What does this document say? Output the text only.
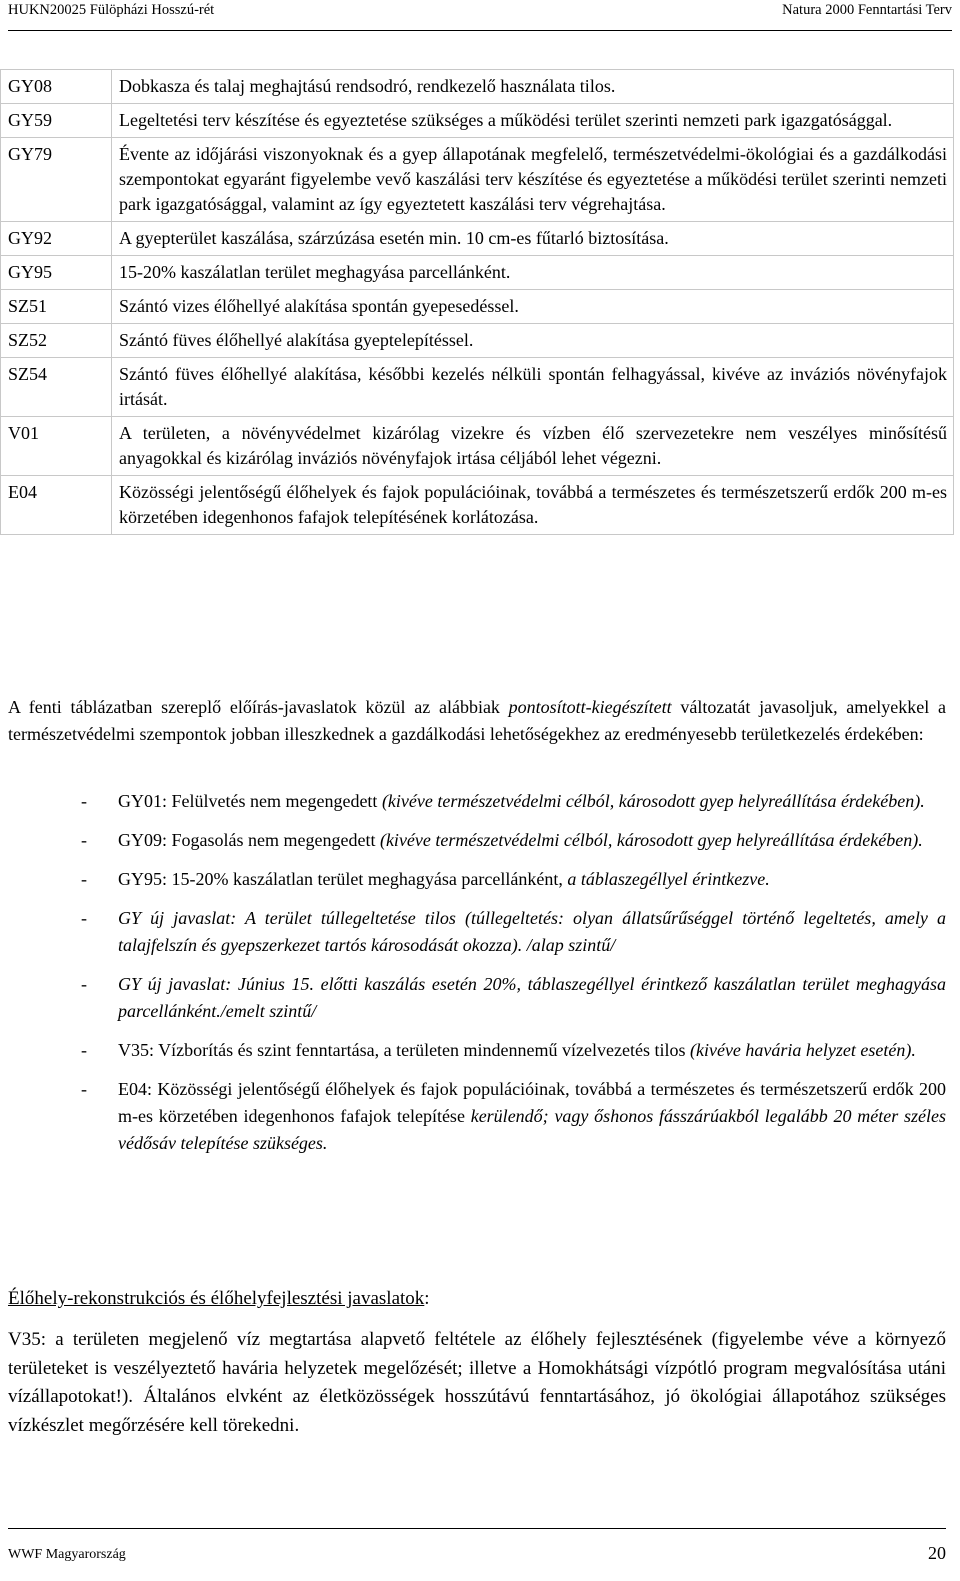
HUKN20025 Fülöpházi Hosszú-rét	Natura 2000 Fenntartási Terv
GY08	Dobkasza és talaj meghajtású rendsodró, rendkezelő használata tilos.
GY59	Legeltetési terv készítése és egyeztetése szükséges a működési terület szerinti nemzeti park igazgatósággal.
GY79	Évente az időjárási viszonyoknak és a gyep állapotának megfelelő, természetvédelmi-ökológiai és a gazdálkodási szempontokat egyaránt figyelembe vevő kaszálási terv készítése és egyeztetése a működési terület szerinti nemzeti park igazgatósággal, valamint az így egyeztetett kaszálási terv végrehajtása.
GY92	A gyepterület kaszálása, szárzúzása esetén min. 10 cm-es fűtarló biztosítása.
GY95	15-20% kaszálatlan terület meghagyása parcellánként.
SZ51	Szántó vizes élőhellyé alakítása spontán gyepesedéssel.
SZ52	Szántó füves élőhellyé alakítása gyeptelepítéssel.
SZ54	Szántó füves élőhellyé alakítása, későbbi kezelés nélküli spontán felhagyással, kivéve az inváziós növényfajok irtását.
V01	A területen, a növényvédelmet kizárólag vizekre és vízben élő szervezetekre nem veszélyes minősítésű anyagokkal és kizárólag inváziós növényfajok irtása céljából lehet végezni.
E04	Közösségi jelentőségű élőhelyek és fajok populációinak, továbbá a természetes és természetszerű erdők 200 m-es körzetében idegenhonos fafajok telepítésének korlátozása.
A fenti táblázatban szereplő előírás-javaslatok közül az alábbiak pontosított-kiegészített változatát javasoljuk, amelyekkel a természetvédelmi szempontok jobban illeszkednek a gazdálkodási lehetőségekhez az eredményesebb területkezelés érdekében:
- GY01: Felülvetés nem megengedett (kivéve természetvédelmi célból, károsodott gyep helyreállítása érdekében).
- GY09: Fogasolás nem megengedett (kivéve természetvédelmi célból, károsodott gyep helyreállítása érdekében).
- GY95: 15-20% kaszálatlan terület meghagyása parcellánként, a táblaszegéllyel érintkezve.
- GY új javaslat: A terület túllegeltetése tilos (túllegeltetés: olyan állatsűrűséggel történő legeltetés, amely a talajfelszín és gyepszerkezet tartós károsodását okozza). /alap szintű/
- GY új javaslat: Június 15. előtti kaszálás esetén 20%, táblaszegéllyel érintkező kaszálatlan terület meghagyása parcellánként./emelt szintű/
- V35: Vízborítás és szint fenntartása, a területen mindennemű vízelvezetés tilos (kivéve havária helyzet esetén).
- E04: Közösségi jelentőségű élőhelyek és fajok populációinak, továbbá a természetes és természetszerű erdők 200 m-es körzetében idegenhonos fafajok telepítése kerülendő; vagy őshonos fásszárúakból legalább 20 méter széles védősáv telepítése szükséges.
Élőhely-rekonstrukciós és élőhelyfejlesztési javaslatok:
V35: a területen megjelenő víz megtartása alapvető feltétele az élőhely fejlesztésének (figyelembe véve a környező területeket is veszélyeztető havária helyzetek megelőzését; illetve a Homokhátsági vízpótló program megvalósítása utáni vízállapotokat!). Általános elvként az életközösségek hosszútávú fenntartásához, jó ökológiai állapotához szükséges vízkészlet megőrzésére kell törekedni.
WWF Magyarország	20
